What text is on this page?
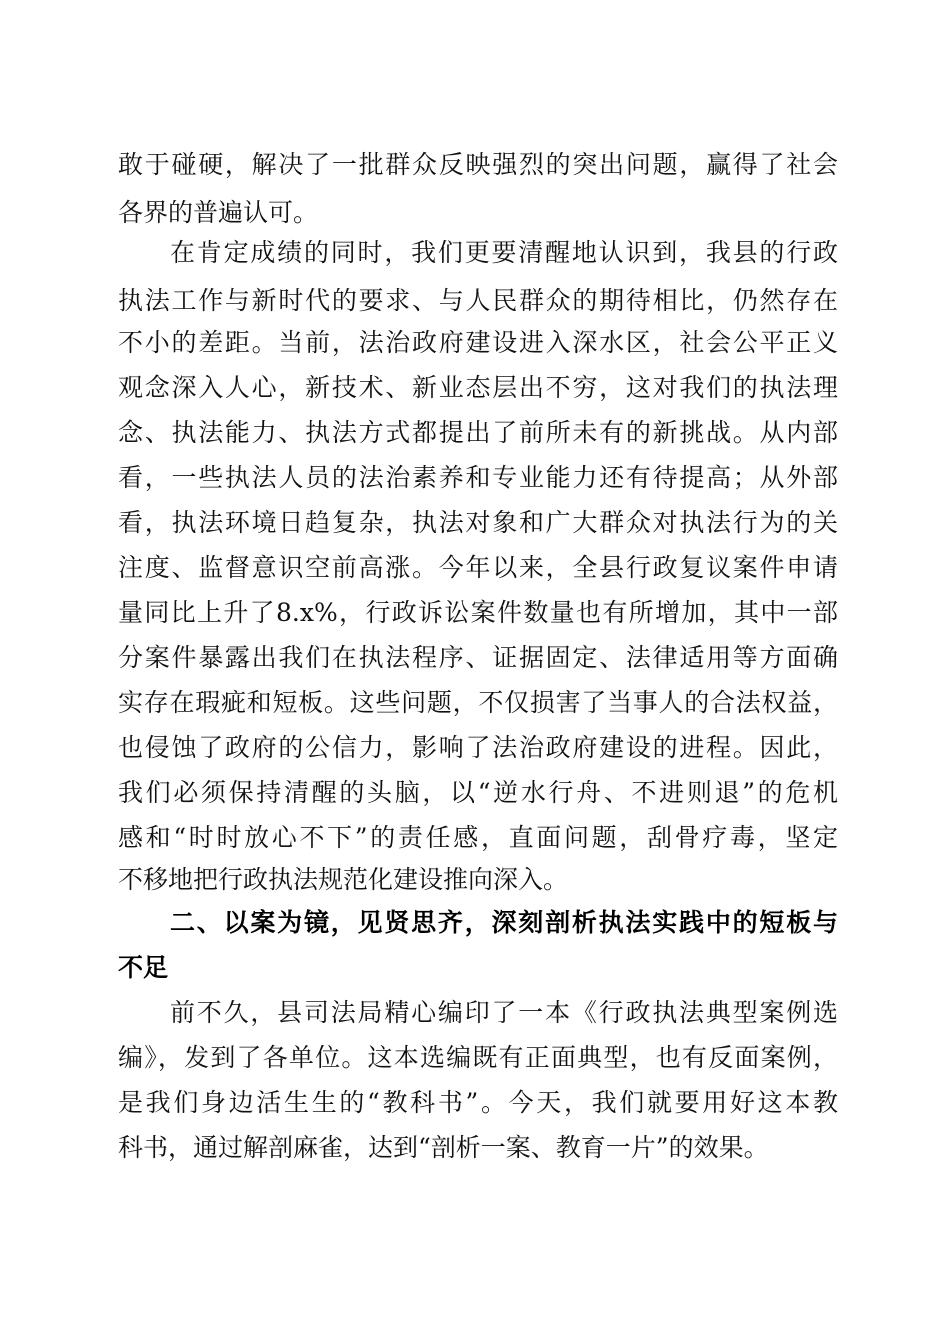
敢于碰硬，解决了一批群众反映强烈的突出问题，赢得了社会
各界的普遍认可。
在肯定成绩的同时，我们更要清醒地认识到，我县的行政
执法工作与新时代的要求、与人民群众的期待相比，仍然存在
不小的差距。当前，法治政府建设进入深水区，社会公平正义
观念深入人心，新技术、新业态层出不穷，这对我们的执法理
念、执法能力、执法方式都提出了前所未有的新挑战。从内部
看，一些执法人员的法治素养和专业能力还有待提高；从外部
看，执法环境日趋复杂，执法对象和广大群众对执法行为的关
注度、监督意识空前高涨。今年以来，全县行政复议案件申请
量同比上升了8.x%，行政诉讼案件数量也有所增加，其中一部
分案件暴露出我们在执法程序、证据固定、法律适用等方面确
实存在瑕疵和短板。这些问题，不仅损害了当事人的合法权益，
也侵蚀了政府的公信力，影响了法治政府建设的进程。因此，
我们必须保持清醒的头脑，以“逆水行舟、不进则退”的危机
感和“时时放心不下”的责任感，直面问题，刮骨疗毒，坚定
不移地把行政执法规范化建设推向深入。
二、以案为镜，见贤思齐，深刻剖析执法实践中的短板与
不足
前不久，县司法局精心编印了一本《行政执法典型案例选
编》，发到了各单位。这本选编既有正面典型，也有反面案例，
是我们身边活生生的“教科书”。今天，我们就要用好这本教
科书，通过解剖麻雀，达到“剖析一案、教育一片”的效果。
